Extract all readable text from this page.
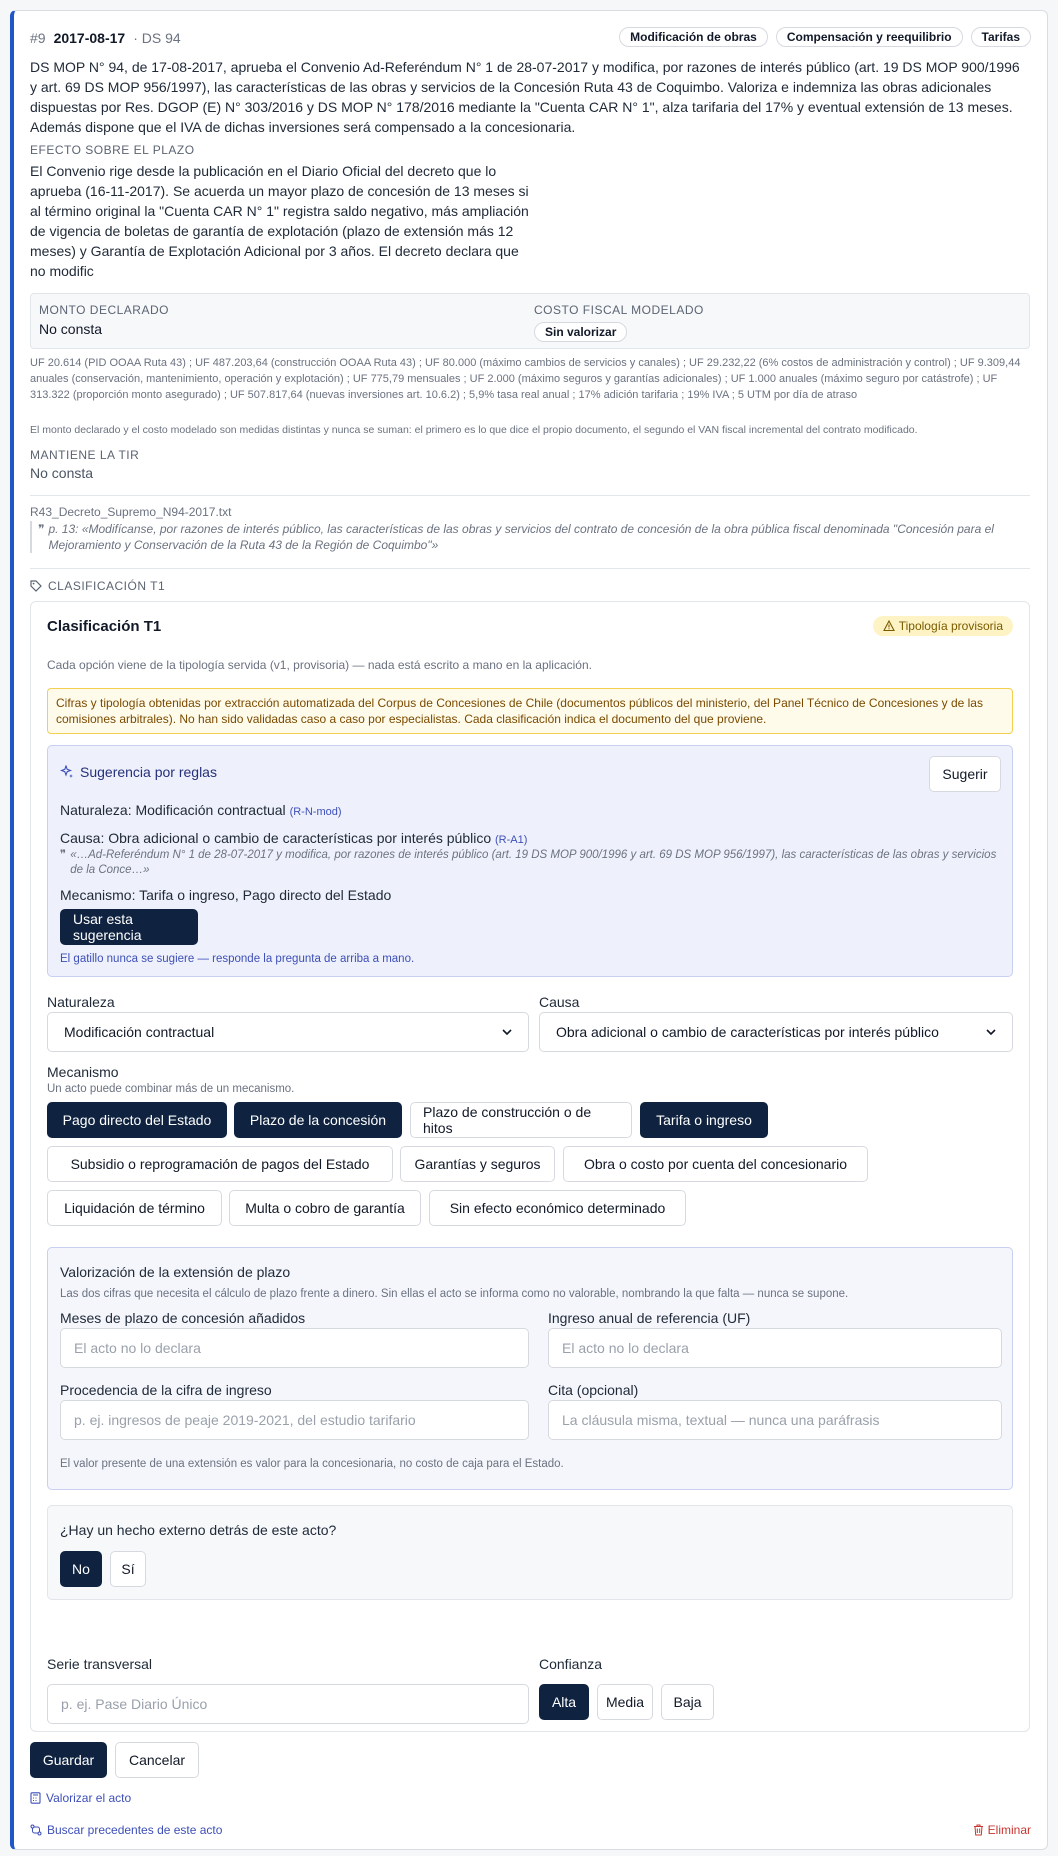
#9 2017-08-17 · DS 94	Modificación de obras	Compensación y reequilibrio	Tarifas
DS MOP N° 94, de 17-08-2017, aprueba el Convenio Ad-Referéndum N° 1 de 28-07-2017 y modifica, por razones de interés público (art. 19 DS MOP 900/1996 y art. 69 DS MOP 956/1997), las características de las obras y servicios de la Concesión Ruta 43 de Coquimbo. Valoriza e indemniza las obras adicionales dispuestas por Res. DGOP (E) N° 303/2016 y DS MOP N° 178/2016 mediante la "Cuenta CAR N° 1", alza tarifaria del 17% y eventual extensión de 13 meses. Además dispone que el IVA de dichas inversiones será compensado a la concesionaria.
EFECTO SOBRE EL PLAZO
El Convenio rige desde la publicación en el Diario Oficial del decreto que lo aprueba (16-11-2017). Se acuerda un mayor plazo de concesión de 13 meses si al término original la "Cuenta CAR N° 1" registra saldo negativo, más ampliación de vigencia de boletas de garantía de explotación (plazo de extensión más 12 meses) y Garantía de Explotación Adicional por 3 años. El decreto declara que no modific
MONTO DECLARADO
No consta
COSTO FISCAL MODELADO
Sin valorizar
UF 20.614 (PID OOAA Ruta 43) ; UF 487.203,64 (construcción OOAA Ruta 43) ; UF 80.000 (máximo cambios de servicios y canales) ; UF 29.232,22 (6% costos de administración y control) ; UF 9.309,44 anuales (conservación, mantenimiento, operación y explotación) ; UF 775,79 mensuales ; UF 2.000 (máximo seguros y garantías adicionales) ; UF 1.000 anuales (máximo seguro por catástrofe) ; UF 313.322 (proporción monto asegurado) ; UF 507.817,64 (nuevas inversiones art. 10.6.2) ; 5,9% tasa real anual ; 17% adición tarifaria ; 19% IVA ; 5 UTM por día de atraso
El monto declarado y el costo modelado son medidas distintas y nunca se suman: el primero es lo que dice el propio documento, el segundo el VAN fiscal incremental del contrato modificado.
MANTIENE LA TIR
No consta
R43_Decreto_Supremo_N94-2017.txt
❞ p. 13: «Modifícanse, por razones de interés público, las características de las obras y servicios del contrato de concesión de la obra pública fiscal denominada "Concesión para el Mejoramiento y Conservación de la Ruta 43 de la Región de Coquimbo"»
CLASIFICACIÓN T1
Clasificación T1	Tipología provisoria
Cada opción viene de la tipología servida (v1, provisoria) — nada está escrito a mano en la aplicación.
Cifras y tipología obtenidas por extracción automatizada del Corpus de Concesiones de Chile (documentos públicos del ministerio, del Panel Técnico de Concesiones y de las comisiones arbitrales). No han sido validadas caso a caso por especialistas. Cada clasificación indica el documento del que proviene.
Sugerencia por reglas	Sugerir
Naturaleza: Modificación contractual (R-N-mod)
Causa: Obra adicional o cambio de características por interés público (R-A1)
❞ «…Ad-Referéndum N° 1 de 28-07-2017 y modifica, por razones de interés público (art. 19 DS MOP 900/1996 y art. 69 DS MOP 956/1997), las características de las obras y servicios de la Conce…»
Mecanismo: Tarifa o ingreso, Pago directo del Estado
Usar esta sugerencia
El gatillo nunca se sugiere — responde la pregunta de arriba a mano.
Naturaleza
Modificación contractual
Causa
Obra adicional o cambio de características por interés público
Mecanismo
Un acto puede combinar más de un mecanismo.
Pago directo del Estado	Plazo de la concesión	Plazo de construcción o de hitos	Tarifa o ingreso
Subsidio o reprogramación de pagos del Estado	Garantías y seguros	Obra o costo por cuenta del concesionario
Liquidación de término	Multa o cobro de garantía	Sin efecto económico determinado
Valorización de la extensión de plazo
Las dos cifras que necesita el cálculo de plazo frente a dinero. Sin ellas el acto se informa como no valorable, nombrando la que falta — nunca se supone.
Meses de plazo de concesión añadidos
El acto no lo declara
Ingreso anual de referencia (UF)
El acto no lo declara
Procedencia de la cifra de ingreso
p. ej. ingresos de peaje 2019-2021, del estudio tarifario
Cita (opcional)
La cláusula misma, textual — nunca una paráfrasis
El valor presente de una extensión es valor para la concesionaria, no costo de caja para el Estado.
¿Hay un hecho externo detrás de este acto?
No	Sí
Serie transversal
p. ej. Pase Diario Único
Confianza
Alta	Media	Baja
Guardar	Cancelar
Valorizar el acto
Buscar precedentes de este acto	Eliminar
